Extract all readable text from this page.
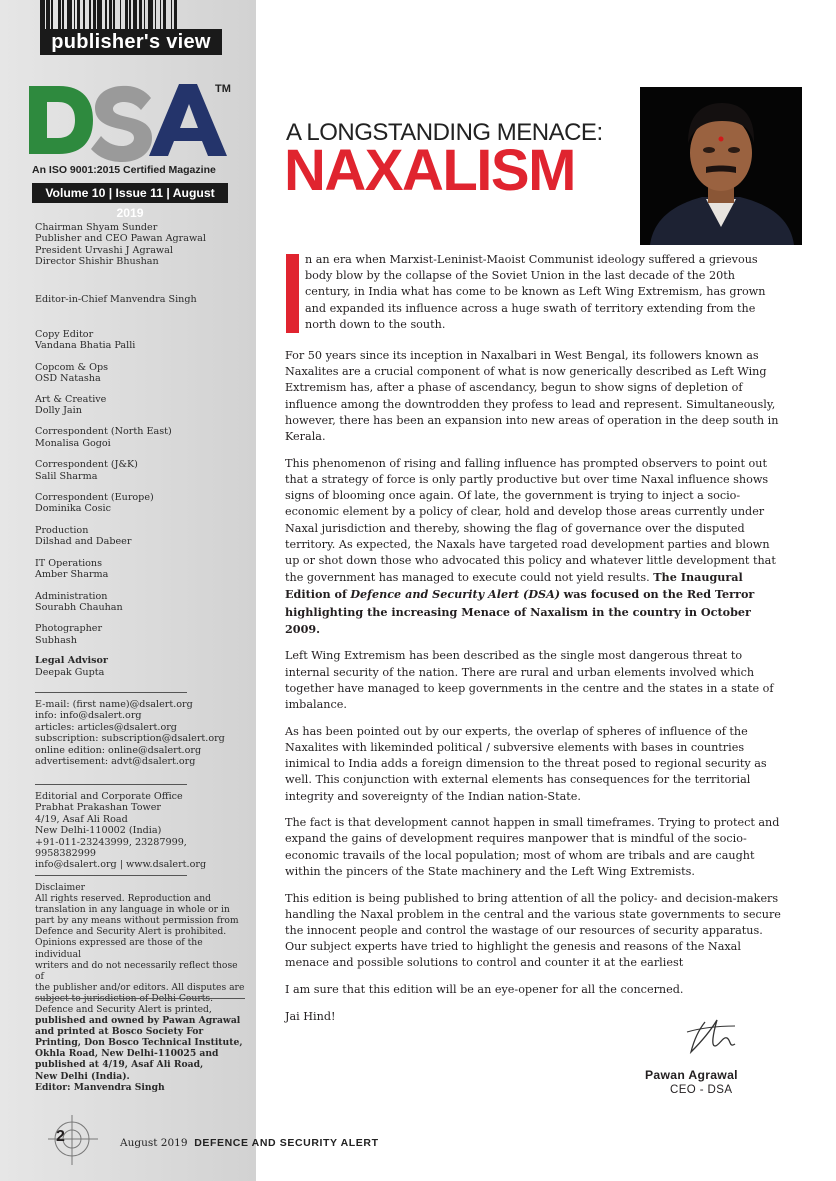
publisher's view
TM
An ISO 9001:2015 Certified Magazine
Volume 10 | Issue 11 | August 2019
Chairman Shyam Sunder
Publisher and CEO Pawan Agrawal
President Urvashi J Agrawal
Director Shishir Bhushan
Editor-in-Chief Manvendra Singh
Copy Editor
Vandana Bhatia Palli
Copcom & Ops
OSD Natasha
Art & Creative
Dolly Jain
Correspondent (North East)
Monalisa Gogoi
Correspondent (J&K)
Salil Sharma
Correspondent (Europe)
Dominika Cosic
Production
Dilshad and Dabeer
IT Operations
Amber Sharma
Administration
Sourabh Chauhan
Photographer
Subhash
Legal Advisor
Deepak Gupta
E-mail: (first name)@dsalert.org
info: info@dsalert.org
articles: articles@dsalert.org
subscription: subscription@dsalert.org
online edition: online@dsalert.org
advertisement: advt@dsalert.org
Editorial and Corporate Office
Prabhat Prakashan Tower
4/19, Asaf Ali Road
New Delhi-110002 (India)
+91-011-23243999, 23287999, 9958382999
info@dsalert.org | www.dsalert.org
Disclaimer
All rights reserved. Reproduction and
translation in any language in whole or in
part by any means without permission from
Defence and Security Alert is prohibited.
Opinions expressed are those of the individual
writers and do not necessarily reflect those of
the publisher and/or editors. All disputes are
Defence and Security Alert is printed,
published and owned by Pawan Agrawal
and printed at Bosco Society For
Printing, Don Bosco Technical Institute,
Okhla Road, New Delhi-110025 and
published at 4/19, Asaf Ali Road,
New Delhi (India).
Editor: Manvendra Singh
2	August 2019 DEFENCE AND SECURITY ALERT
A LONGSTANDING MENACE:
NAXALISM
n an era when Marxist-Leninist-Maoist Communist ideology suffered a grievous
body blow by the collapse of the Soviet Union in the last decade of the 20th
century, in India what has come to be known as Left Wing Extremism, has grown
and expanded its influence across a huge swath of territory extending from the
north down to the south.

For 50 years since its inception in Naxalbari in West Bengal, its followers known as Naxalites are a crucial component of what is now generically described as Left Wing Extremism has, after a phase of ascendancy, begun to show signs of depletion of influence among the downtrodden they profess to lead and represent. Simultaneously, however, there has been an expansion into new areas of operation in the deep south in Kerala.

This phenomenon of rising and falling influence has prompted observers to point out that a strategy of force is only partly productive but over time Naxal influence shows signs of blooming once again. Of late, the government is trying to inject a socio-economic element by a policy of clear, hold and develop those areas currently under Naxal jurisdiction and thereby, showing the flag of governance over the disputed territory. As expected, the Naxals have targeted road development parties and blown up or shot down those who advocated this policy and whatever little development that the government has managed to execute could not yield results. The Inaugural Edition of Defence and Security Alert (DSA) was focused on the Red Terror highlighting the increasing Menace of Naxalism in the country in October 2009.

Left Wing Extremism has been described as the single most dangerous threat to internal security of the nation. There are rural and urban elements involved which together have managed to keep governments in the centre and the states in a state of imbalance.

As has been pointed out by our experts, the overlap of spheres of influence of the Naxalites with likeminded political / subversive elements with bases in countries inimical to India adds a foreign dimension to the threat posed to regional security as well. This conjunction with external elements has consequences for the territorial integrity and sovereignty of the Indian nation-State.

The fact is that development cannot happen in small timeframes. Trying to protect and expand the gains of development requires manpower that is mindful of the socio-economic travails of the local population; most of whom are tribals and are caught within the pincers of the State machinery and the Left Wing Extremists.

This edition is being published to bring attention of all the policy- and decision-makers handling the Naxal problem in the central and the various state governments to secure the innocent people and control the wastage of our resources of security apparatus. Our subject experts have tried to highlight the genesis and reasons of the Naxal menace and possible solutions to control and counter it at the earliest

I am sure that this edition will be an eye-opener for all the concerned.

Jai Hind!

Pawan Agrawal
CEO - DSA
